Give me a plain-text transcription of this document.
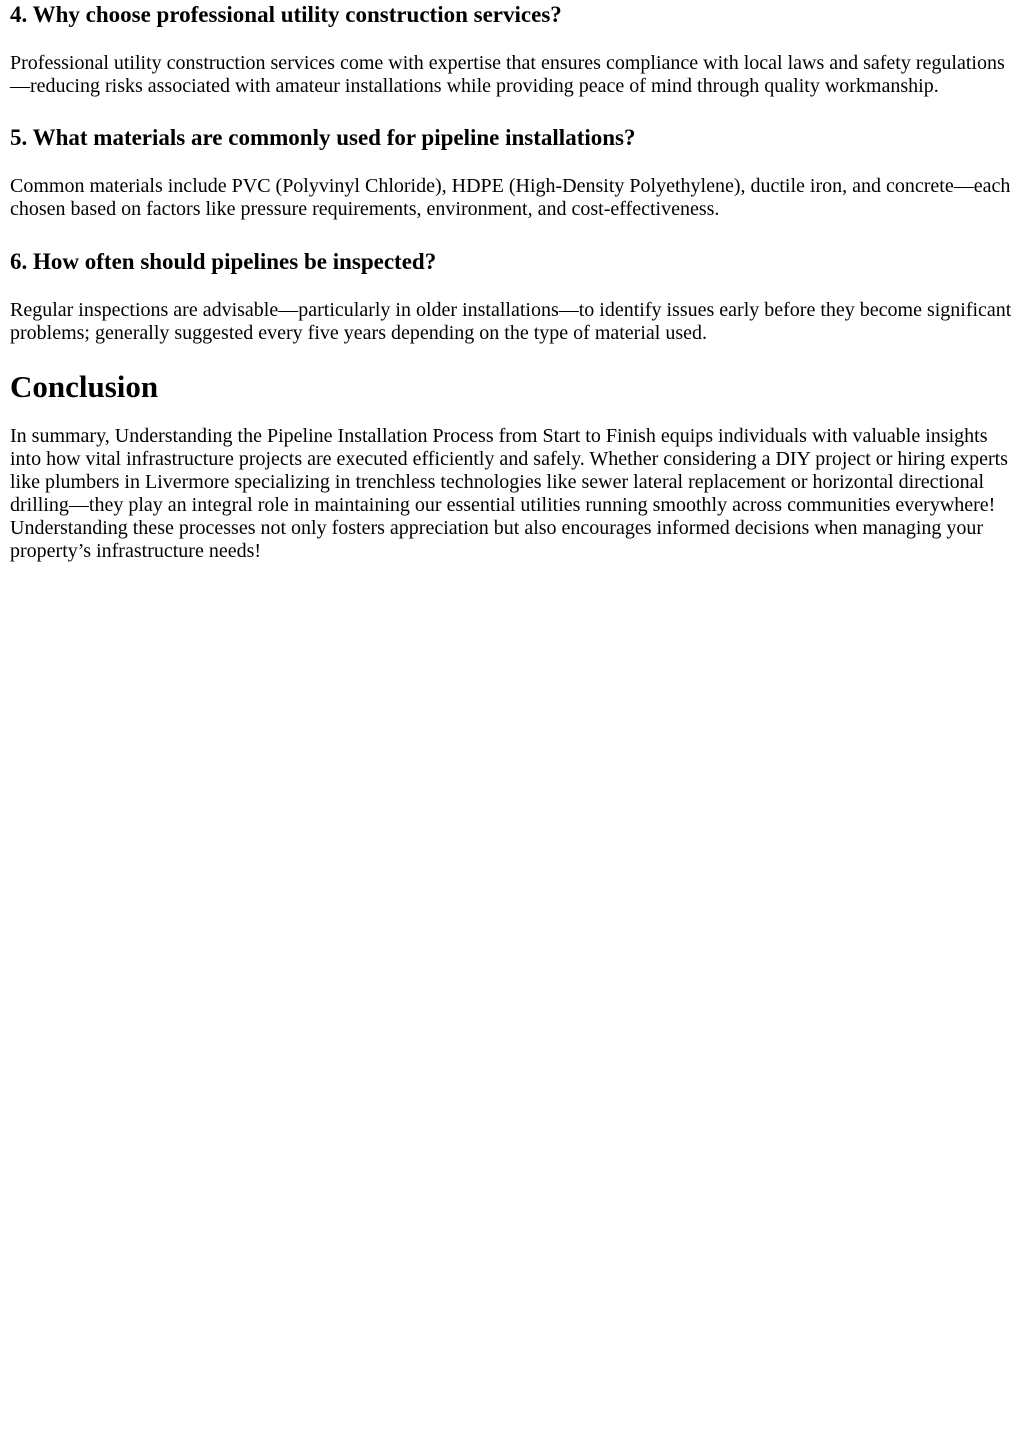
4. Why choose professional utility construction services?

Professional utility construction services come with expertise that ensures compliance with local laws and safety regulations—reducing risks associated with amateur installations while providing peace of mind through quality workmanship.

5. What materials are commonly used for pipeline installations?

Common materials include PVC (Polyvinyl Chloride), HDPE (High-Density Polyethylene), ductile iron, and concrete—each chosen based on factors like pressure requirements, environment, and cost-effectiveness.

6. How often should pipelines be inspected?

Regular inspections are advisable—particularly in older installations—to identify issues early before they become significant problems; generally suggested every five years depending on the type of material used.

Conclusion

In summary, Understanding the Pipeline Installation Process from Start to Finish equips individuals with valuable insights into how vital infrastructure projects are executed efficiently and safely. Whether considering a DIY project or hiring experts like plumbers in Livermore specializing in trenchless technologies like sewer lateral replacement or horizontal directional drilling—they play an integral role in maintaining our essential utilities running smoothly across communities everywhere! Understanding these processes not only fosters appreciation but also encourages informed decisions when managing your property’s infrastructure needs!
